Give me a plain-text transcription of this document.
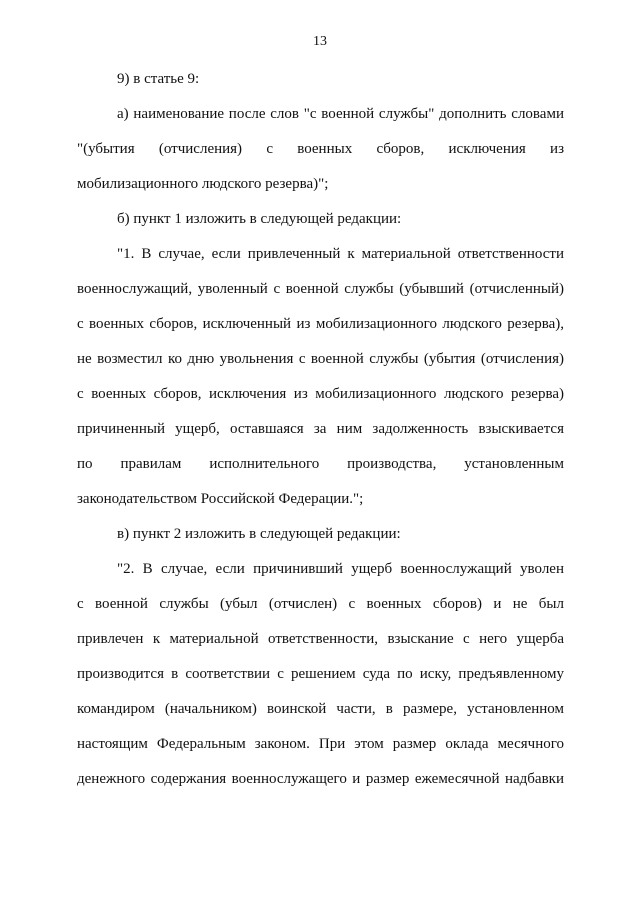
13
9) в статье 9:
а) наименование после слов "с военной службы" дополнить словами
"(убытия (отчисления) с военных сборов, исключения из
мобилизационного людского резерва)";
б) пункт 1 изложить в следующей редакции:
"1. В случае, если привлеченный к материальной ответственности
военнослужащий, уволенный с военной службы (убывший (отчисленный)
с военных сборов, исключенный из мобилизационного людского резерва),
не возместил ко дню увольнения с военной службы (убытия (отчисления)
с военных сборов, исключения из мобилизационного людского резерва)
причиненный ущерб, оставшаяся за ним задолженность взыскивается
по правилам исполнительного производства, установленным
законодательством Российской Федерации.";
в) пункт 2 изложить в следующей редакции:
"2. В случае, если причинивший ущерб военнослужащий уволен
с военной службы (убыл (отчислен) с военных сборов) и не был
привлечен к материальной ответственности, взыскание с него ущерба
производится в соответствии с решением суда по иску, предъявленному
командиром (начальником) воинской части, в размере, установленном
настоящим Федеральным законом. При этом размер оклада месячного
денежного содержания военнослужащего и размер ежемесячной надбавки
